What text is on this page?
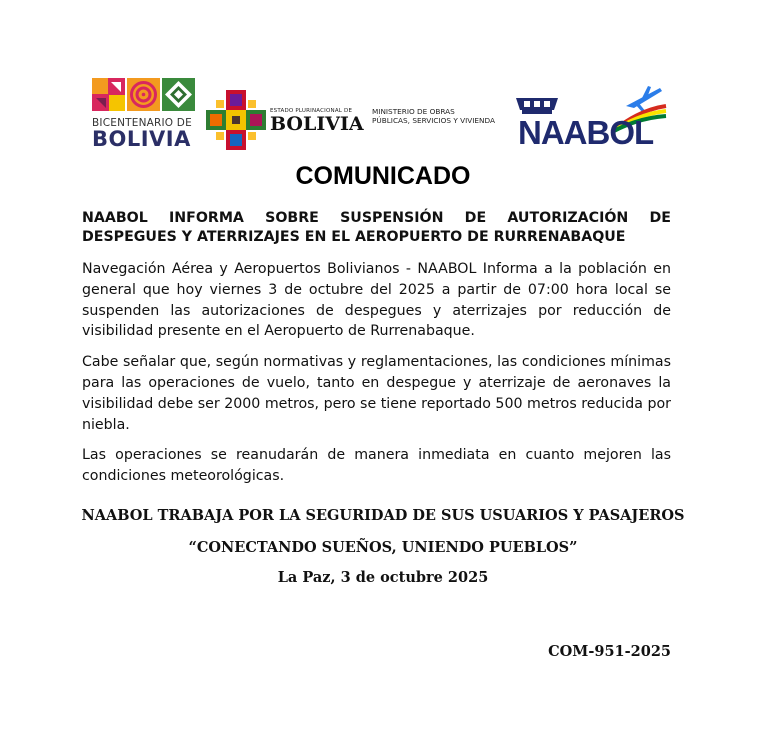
BICENTENARIO DE
BOLIVIA
ESTADO PLURINACIONAL DE
BOLIVIA
MINISTERIO DE OBRAS
PÚBLICAS, SERVICIOS Y VIVIENDA NAABOL
COMUNICADO

NAABOL INFORMA SOBRE SUSPENSIÓN DE AUTORIZACIÓN DE DESPEGUES Y ATERRIZAJES EN EL AEROPUERTO DE RURRENABAQUE

Navegación Aérea y Aeropuertos Bolivianos - NAABOL Informa a la población en general que hoy viernes 3 de octubre del 2025 a partir de 07:00 hora local se suspenden las autorizaciones de despegues y aterrizajes por reducción de visibilidad presente en el Aeropuerto de Rurrenabaque.

Cabe señalar que, según normativas y reglamentaciones, las condiciones mínimas para las operaciones de vuelo, tanto en despegue y aterrizaje de aeronaves la visibilidad debe ser 2000 metros, pero se tiene reportado 500 metros reducida por niebla.

Las operaciones se reanudarán de manera inmediata en cuanto mejoren las condiciones meteorológicas.

NAABOL TRABAJA POR LA SEGURIDAD DE SUS USUARIOS Y PASAJEROS
“CONECTANDO SUEÑOS, UNIENDO PUEBLOS”
La Paz, 3 de octubre 2025
COM-951-2025
